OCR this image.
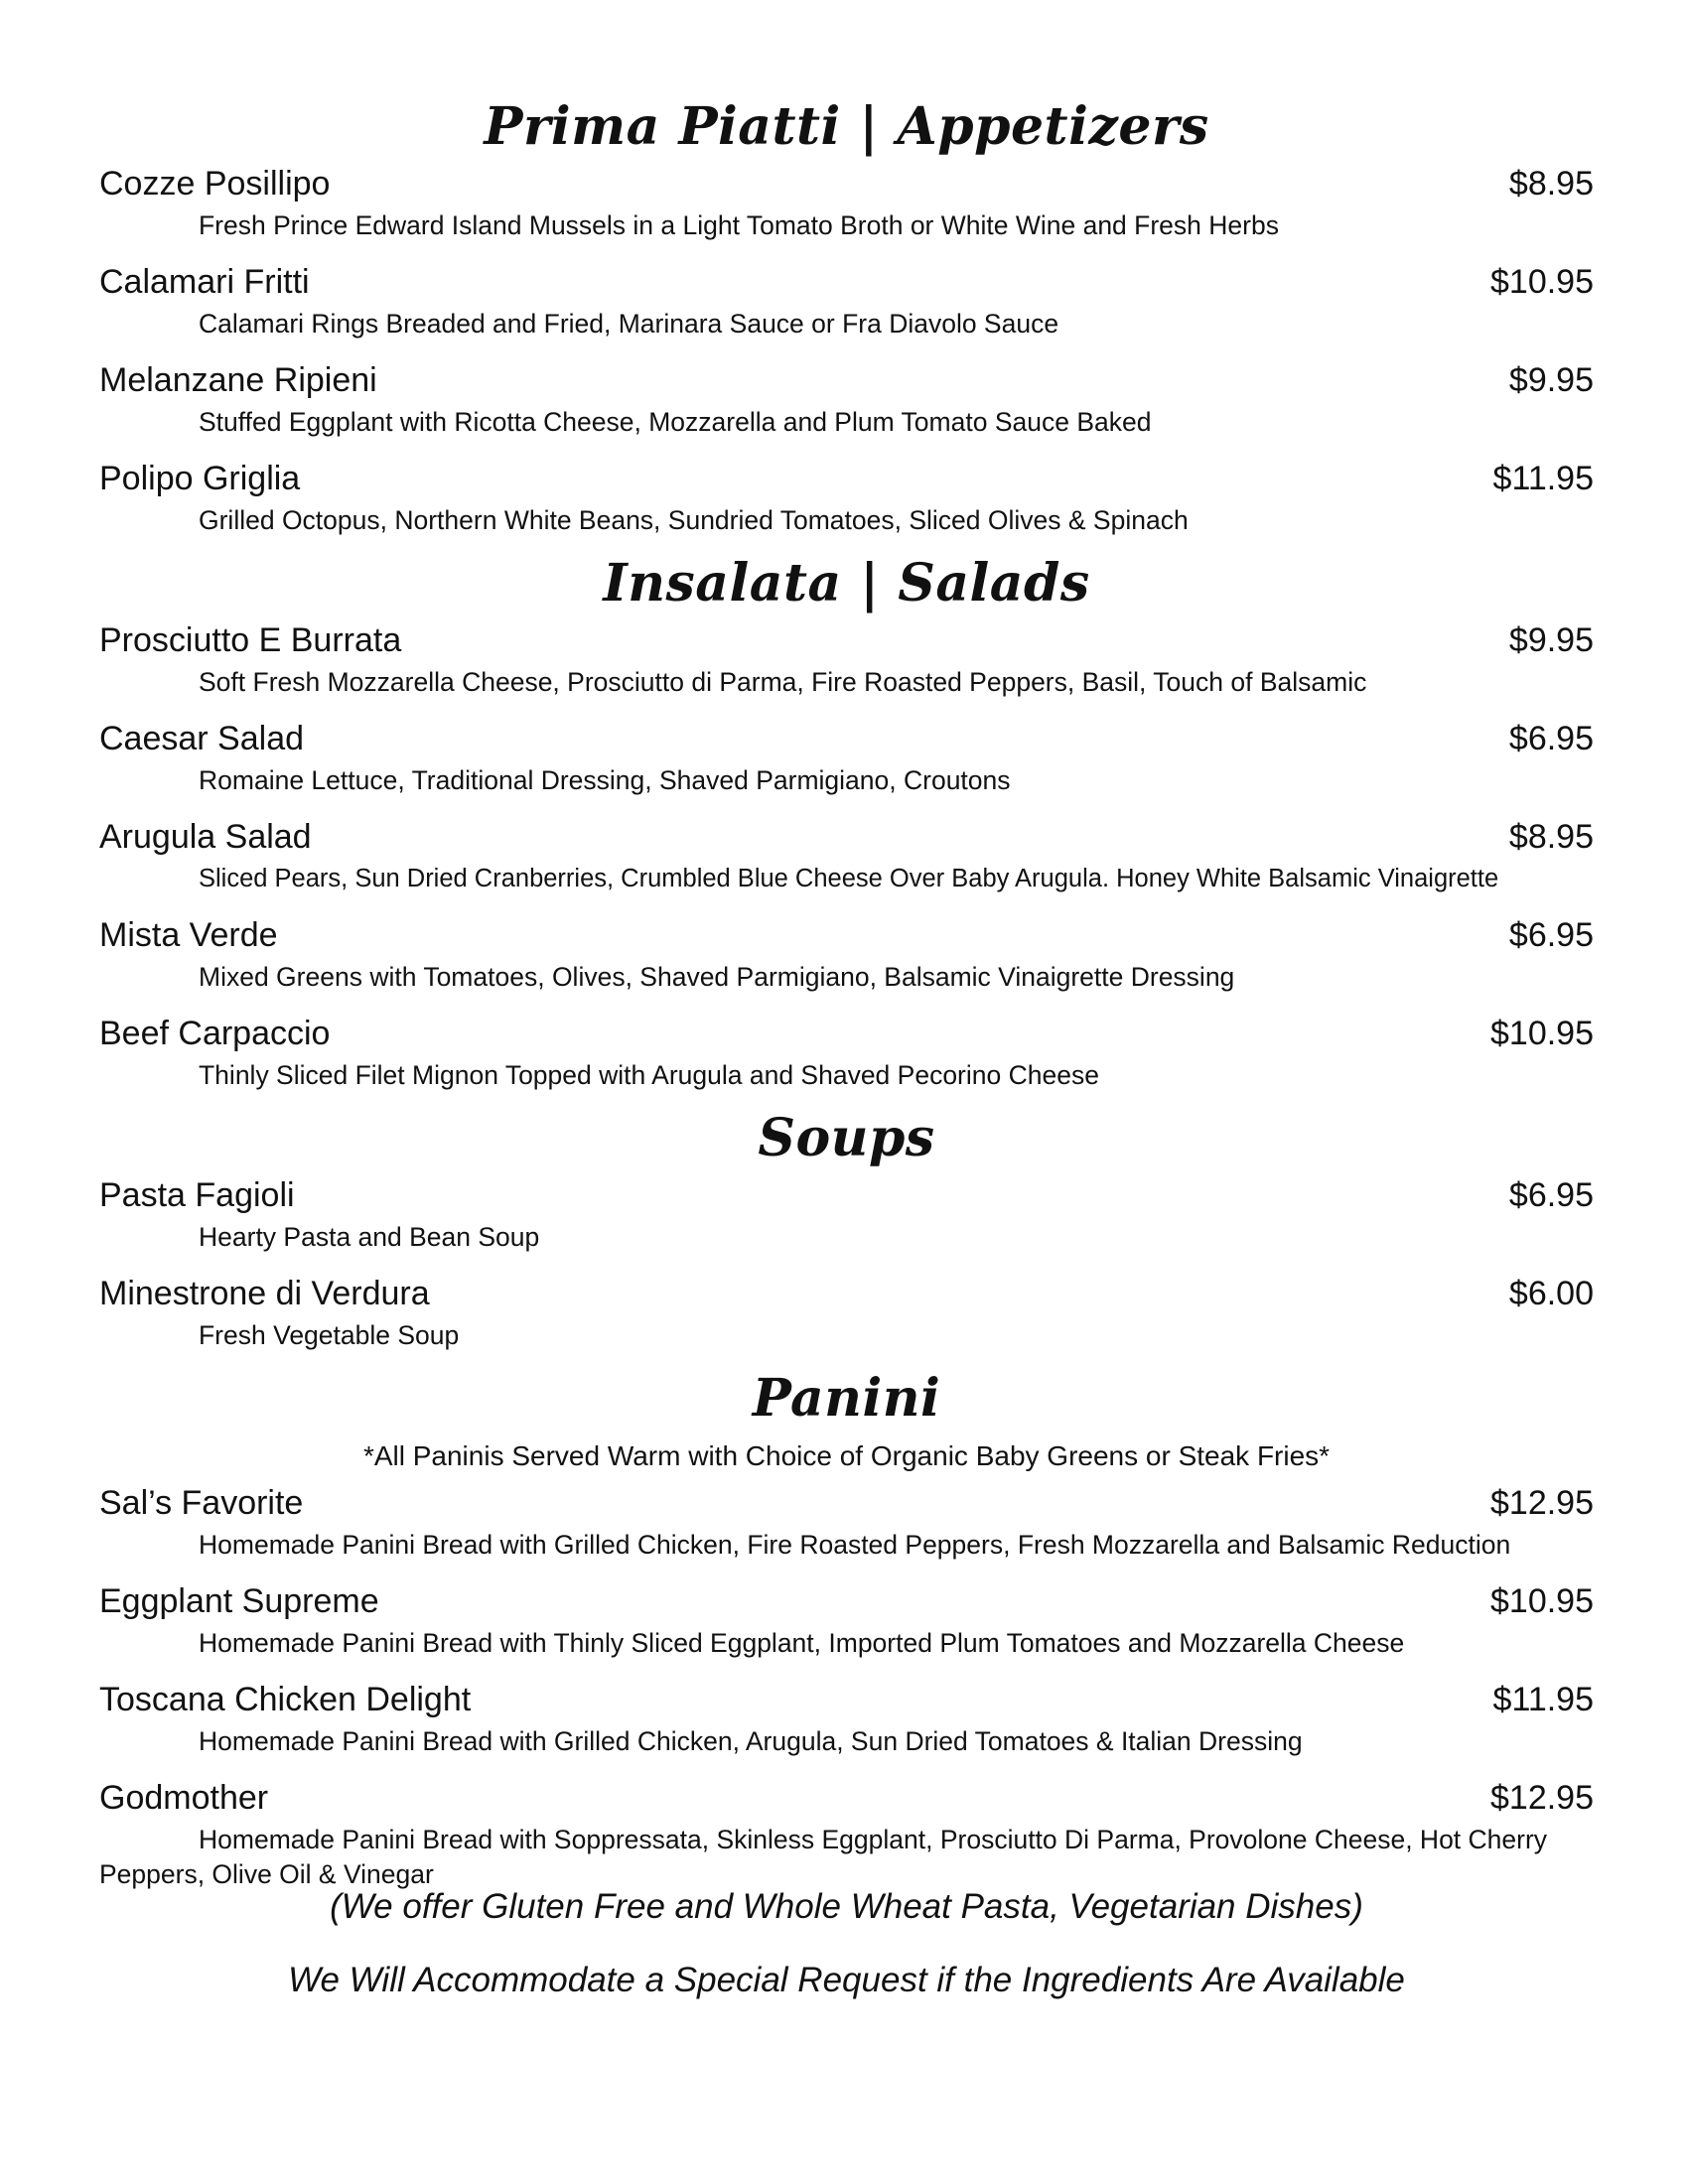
Prima Piatti | Appetizers
Cozze Posillipo	$8.95
Fresh Prince Edward Island Mussels in a Light Tomato Broth or White Wine and Fresh Herbs
Calamari Fritti	$10.95
Calamari Rings Breaded and Fried, Marinara Sauce or Fra Diavolo Sauce
Melanzane Ripieni	$9.95
Stuffed Eggplant with Ricotta Cheese, Mozzarella and Plum Tomato Sauce Baked
Polipo Griglia	$11.95
Grilled Octopus, Northern White Beans, Sundried Tomatoes, Sliced Olives & Spinach
Insalata | Salads
Prosciutto E Burrata	$9.95
Soft Fresh Mozzarella Cheese, Prosciutto di Parma, Fire Roasted Peppers, Basil, Touch of Balsamic
Caesar Salad	$6.95
Romaine Lettuce, Traditional Dressing, Shaved Parmigiano, Croutons
Arugula Salad	$8.95
Sliced Pears, Sun Dried Cranberries, Crumbled Blue Cheese Over Baby Arugula. Honey White Balsamic Vinaigrette
Mista Verde	$6.95
Mixed Greens with Tomatoes, Olives, Shaved Parmigiano, Balsamic Vinaigrette Dressing
Beef Carpaccio	$10.95
Thinly Sliced Filet Mignon Topped with Arugula and Shaved Pecorino Cheese
Soups
Pasta Fagioli	$6.95
Hearty Pasta and Bean Soup
Minestrone di Verdura	$6.00
Fresh Vegetable Soup
Panini
*All Paninis Served Warm with Choice of Organic Baby Greens or Steak Fries*
Sal’s Favorite	$12.95
Homemade Panini Bread with Grilled Chicken, Fire Roasted Peppers, Fresh Mozzarella and Balsamic Reduction
Eggplant Supreme	$10.95
Homemade Panini Bread with Thinly Sliced Eggplant, Imported Plum Tomatoes and Mozzarella Cheese
Toscana Chicken Delight	$11.95
Homemade Panini Bread with Grilled Chicken, Arugula, Sun Dried Tomatoes & Italian Dressing
Godmother	$12.95
Homemade Panini Bread with Soppressata, Skinless Eggplant, Prosciutto Di Parma, Provolone Cheese, Hot Cherry Peppers, Olive Oil & Vinegar
(We offer Gluten Free and Whole Wheat Pasta, Vegetarian Dishes)
We Will Accommodate a Special Request if the Ingredients Are Available
